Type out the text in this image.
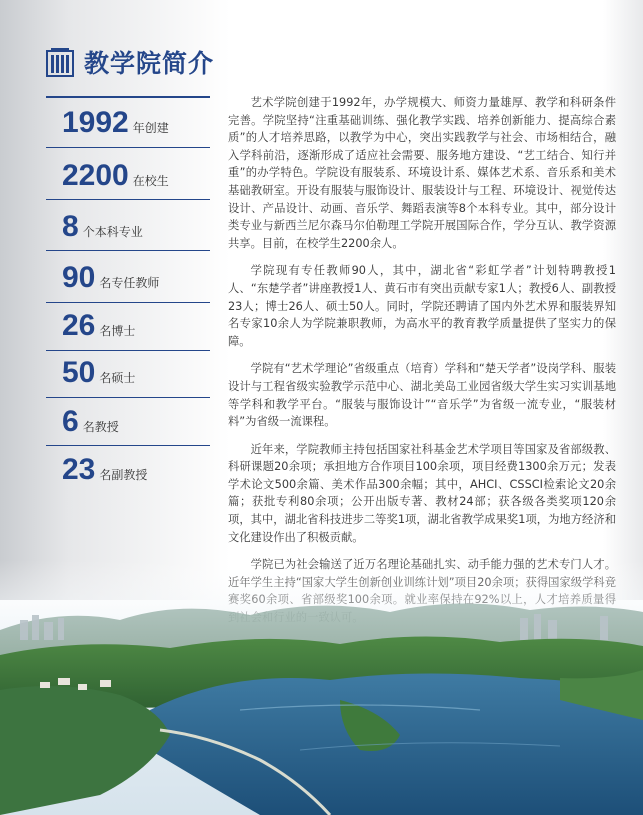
教学院简介
1992 年创建
2200 在校生
8 个本科专业
90 名专任教师
26 名博士
50 名硕士
6 名教授
23 名副教授

艺术学院创建于1992年，办学规模大、师资力量雄厚、教学和科研条件完善。学院坚持“注重基础训练、强化教学实践、培养创新能力、提高综合素质”的人才培养思路，以教学为中心，突出实践教学与社会、市场相结合，融入学科前沿，逐渐形成了适应社会需要、服务地方建设、“艺工结合、知行并重”的办学特色。学院设有服装系、环境设计系、媒体艺术系、音乐系和美术基础教研室。开设有服装与服饰设计、服装设计与工程、环境设计、视觉传达设计、产品设计、动画、音乐学、舞蹈表演等8个本科专业。其中，部分设计类专业与新西兰尼尔森马尔伯勒理工学院开展国际合作，学分互认、教学资源共享。目前，在校学生2200余人。

学院现有专任教师90人，其中，湖北省“彩虹学者”计划特聘教授1人、“东楚学者”讲座教授1人、黄石市有突出贡献专家1人；教授6人、副教授23人；博士26人、硕士50人。同时，学院还聘请了国内外艺术界和服装界知名专家10余人为学院兼职教师，为高水平的教育教学质量提供了坚实力的保障。

学院有“艺术学理论”省级重点（培育）学科和“楚天学者”设岗学科、服装设计与工程省级实验教学示范中心、湖北美岛工业园省级大学生实习实训基地等学科和教学平台。“服装与服饰设计”“音乐学”为省级一流专业，“服装材料”为省级一流课程。

近年来，学院教师主持包括国家社科基金艺术学项目等国家及省部级教、科研课题20余项；承担地方合作项目100余项，项目经费1300余万元；发表学术论文500余篇、美术作品300余幅；其中，AHCI、CSSCI检索论文20余篇；获批专利80余项；公开出版专著、教材24部；获各级各类奖项120余项，其中，湖北省科技进步二等奖1项，湖北省教学成果奖1项，为地方经济和文化建设作出了积极贡献。
